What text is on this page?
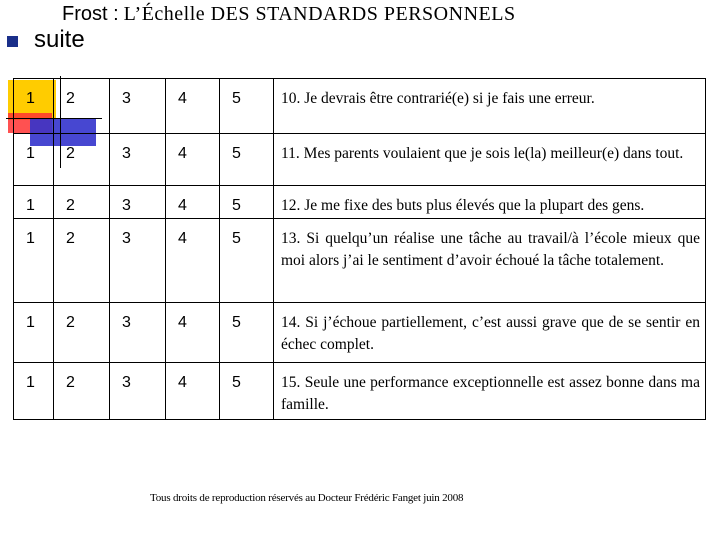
Frost : L’Échelle DES STANDARDS PERSONNELS
suite
1	2	3	4	5	10. Je devrais être contrarié(e) si je fais une erreur.
1	2	3	4	5	11. Mes parents voulaient que je sois le(la) meilleur(e) dans tout.
1	2	3	4	5	12. Je me fixe des buts plus élevés que la plupart des gens.
1	2	3	4	5	13. Si quelqu’un réalise une tâche au travail/à l’école mieux que moi alors j’ai le sentiment d’avoir échoué la tâche totalement.
1	2	3	4	5	14. Si j’échoue partiellement, c’est aussi grave que de se sentir en échec complet.
1	2	3	4	5	15. Seule une performance exceptionnelle est assez bonne dans ma famille.
Tous droits de reproduction réservés au Docteur Frédéric Fanget juin 2008
